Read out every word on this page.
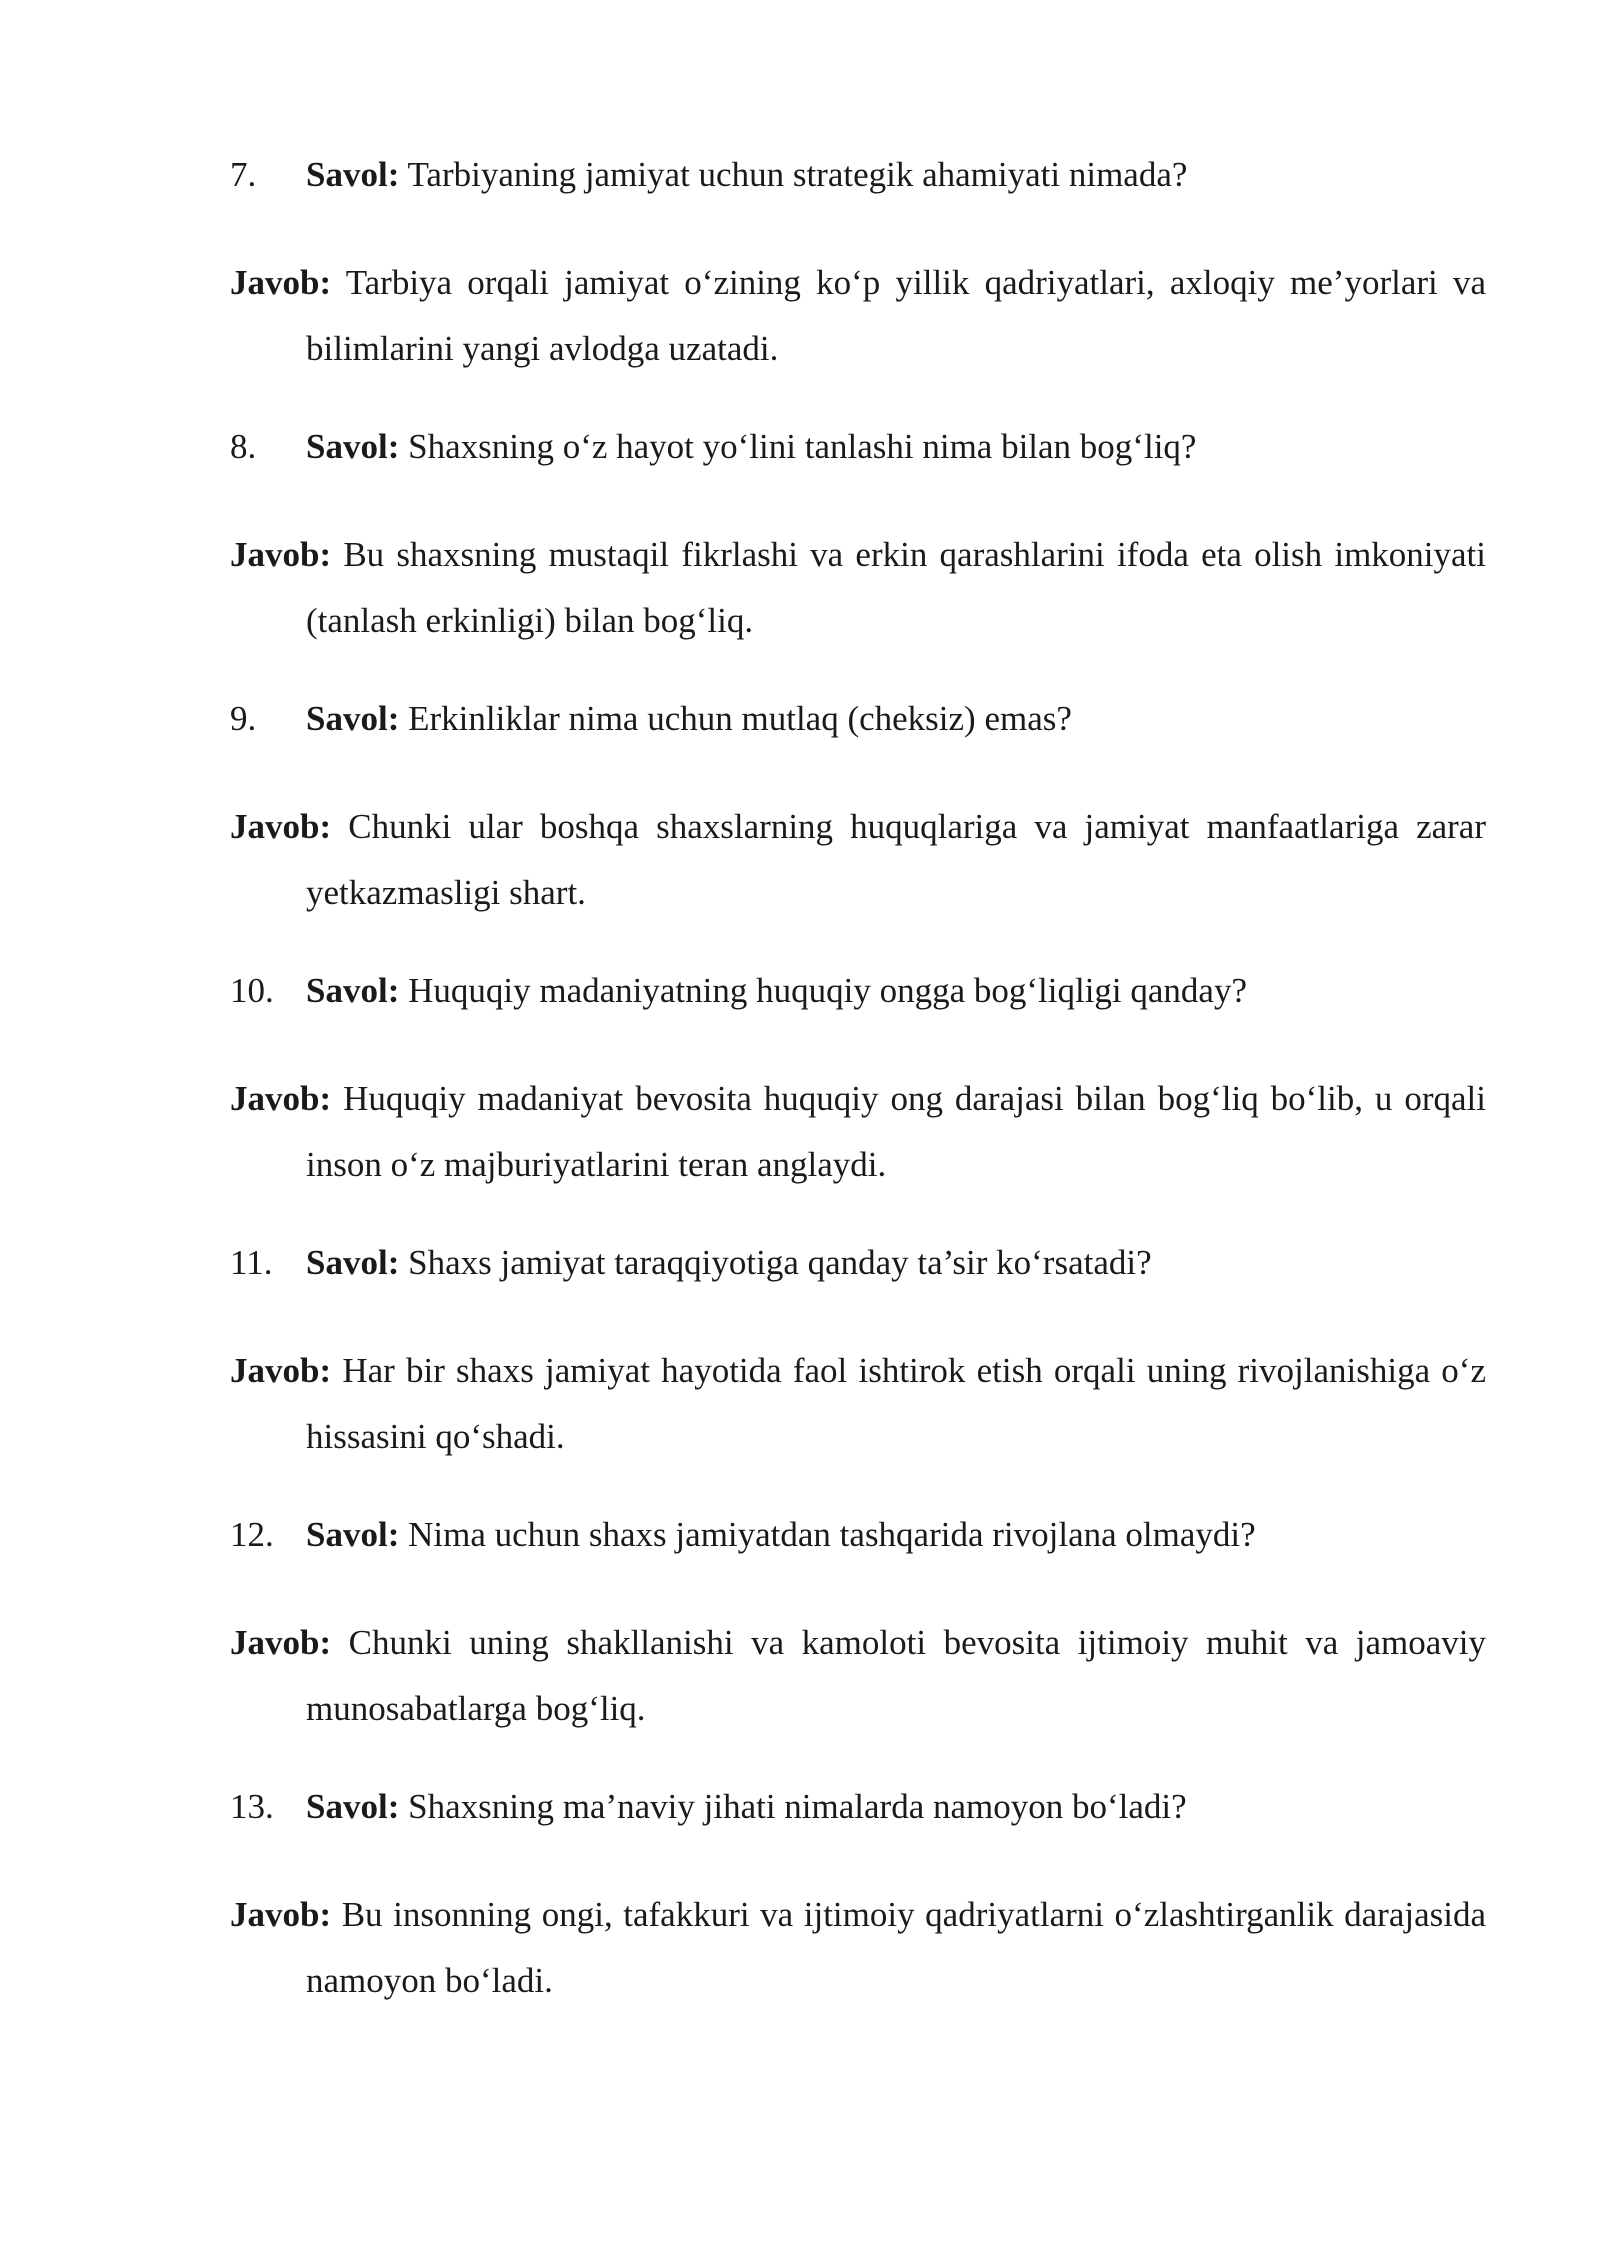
7.	Savol: Tarbiyaning jamiyat uchun strategik ahamiyati nimada?

Javob: Tarbiya orqali jamiyat o‘zining ko‘p yillik qadriyatlari, axloqiy me’yorlari va bilimlarini yangi avlodga uzatadi.

8.	Savol: Shaxsning o‘z hayot yo‘lini tanlashi nima bilan bog‘liq?

Javob: Bu shaxsning mustaqil fikrlashi va erkin qarashlarini ifoda eta olish imkoniyati (tanlash erkinligi) bilan bog‘liq.

9.	Savol: Erkinliklar nima uchun mutlaq (cheksiz) emas?

Javob: Chunki ular boshqa shaxslarning huquqlariga va jamiyat manfaatlariga zarar yetkazmasligi shart.

10. Savol: Huquqiy madaniyatning huquqiy ongga bog‘liqligi qanday?

Javob: Huquqiy madaniyat bevosita huquqiy ong darajasi bilan bog‘liq bo‘lib, u orqali inson o‘z majburiyatlarini teran anglaydi.

11. Savol: Shaxs jamiyat taraqqiyotiga qanday ta’sir ko‘rsatadi?

Javob: Har bir shaxs jamiyat hayotida faol ishtirok etish orqali uning rivojlanishiga o‘z hissasini qo‘shadi.

12. Savol: Nima uchun shaxs jamiyatdan tashqarida rivojlana olmaydi?

Javob: Chunki uning shakllanishi va kamoloti bevosita ijtimoiy muhit va jamoaviy munosabatlarga bog‘liq.

13. Savol: Shaxsning ma’naviy jihati nimalarda namoyon bo‘ladi?

Javob: Bu insonning ongi, tafakkuri va ijtimoiy qadriyatlarni o‘zlashtirganlik darajasida namoyon bo‘ladi.
